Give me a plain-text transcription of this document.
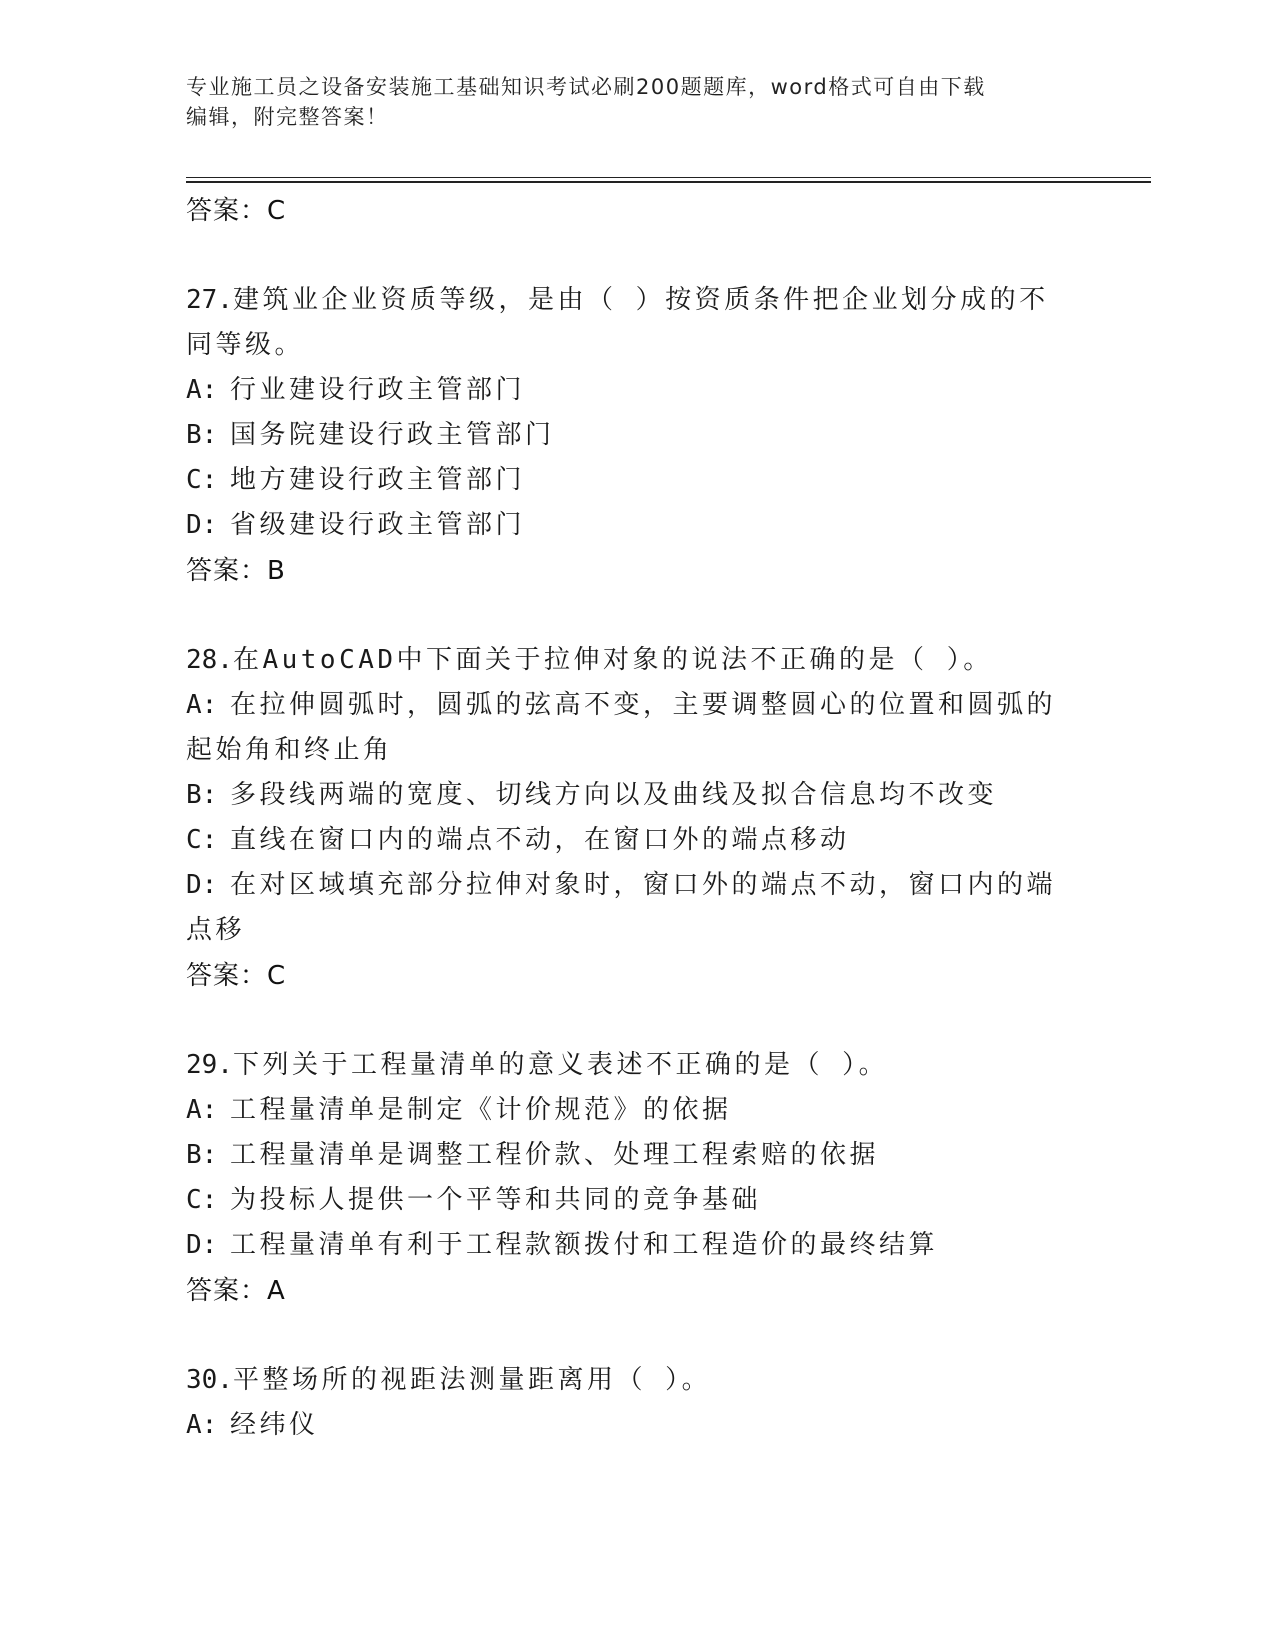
专业施工员之设备安装施工基础知识考试必刷200题题库，word格式可自由下载
编辑，附完整答案！
答案：C
27.建筑业企业资质等级，是由（ ）按资质条件把企业划分成的不同等级。
A: 行业建设行政主管部门
B: 国务院建设行政主管部门
C: 地方建设行政主管部门
D: 省级建设行政主管部门
答案：B
28.在AutoCAD中下面关于拉伸对象的说法不正确的是（ ）。
A: 在拉伸圆弧时，圆弧的弦高不变，主要调整圆心的位置和圆弧的起始角和终止角
B: 多段线两端的宽度、切线方向以及曲线及拟合信息均不改变
C: 直线在窗口内的端点不动，在窗口外的端点移动
D: 在对区域填充部分拉伸对象时，窗口外的端点不动，窗口内的端点移
答案：C
29.下列关于工程量清单的意义表述不正确的是（ ）。
A: 工程量清单是制定《计价规范》的依据
B: 工程量清单是调整工程价款、处理工程索赔的依据
C: 为投标人提供一个平等和共同的竞争基础
D: 工程量清单有利于工程款额拨付和工程造价的最终结算
答案：A
30.平整场所的视距法测量距离用（ ）。
A: 经纬仪
